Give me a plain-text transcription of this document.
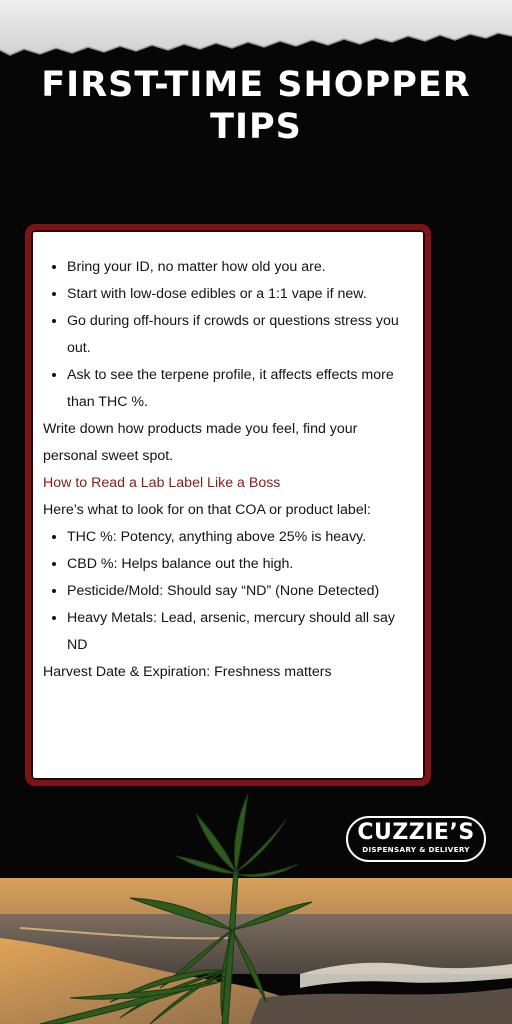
FIRST-TIME SHOPPER
TIPS
• Bring your ID, no matter how old you are.
• Start with low-dose edibles or a 1:1 vape if new.
• Go during off-hours if crowds or questions stress you out.
• Ask to see the terpene profile, it affects effects more than THC %.

Write down how products made you feel, find your personal sweet spot.

How to Read a Lab Label Like a Boss

Here’s what to look for on that COA or product label:

• THC %: Potency, anything above 25% is heavy.
• CBD %: Helps balance out the high.
• Pesticide/Mold: Should say “ND” (None Detected)
• Heavy Metals: Lead, arsenic, mercury should all say ND

Harvest Date & Expiration: Freshness matters

CUZZIE’S
DISPENSARY & DELIVERY
